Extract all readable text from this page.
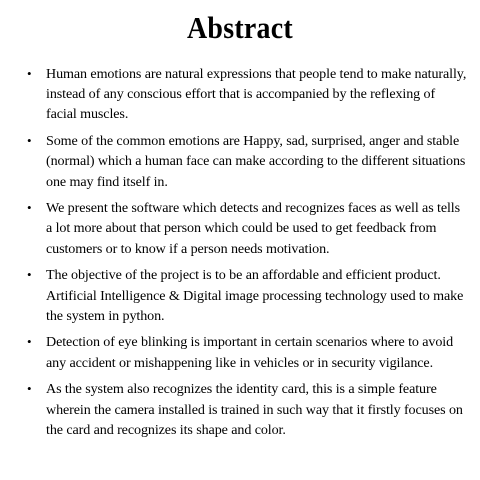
Abstract
• Human emotions are natural expressions that people tend to make naturally, instead of any conscious effort that is accompanied by the reflexing of facial muscles.
• Some of the common emotions are Happy, sad, surprised, anger and stable (normal) which a human face can make according to the different situations one may find itself in.
• We present the software which detects and recognizes faces as well as tells a lot more about that person which could be used to get feedback from customers or to know if a person needs motivation.
• The objective of the project is to be an affordable and efficient product. Artificial Intelligence & Digital image processing technology used to make the system in python.
• Detection of eye blinking is important in certain scenarios where to avoid any accident or mishappening like in vehicles or in security vigilance.
• As the system also recognizes the identity card, this is a simple feature wherein the camera installed is trained in such way that it firstly focuses on the card and recognizes its shape and color.
